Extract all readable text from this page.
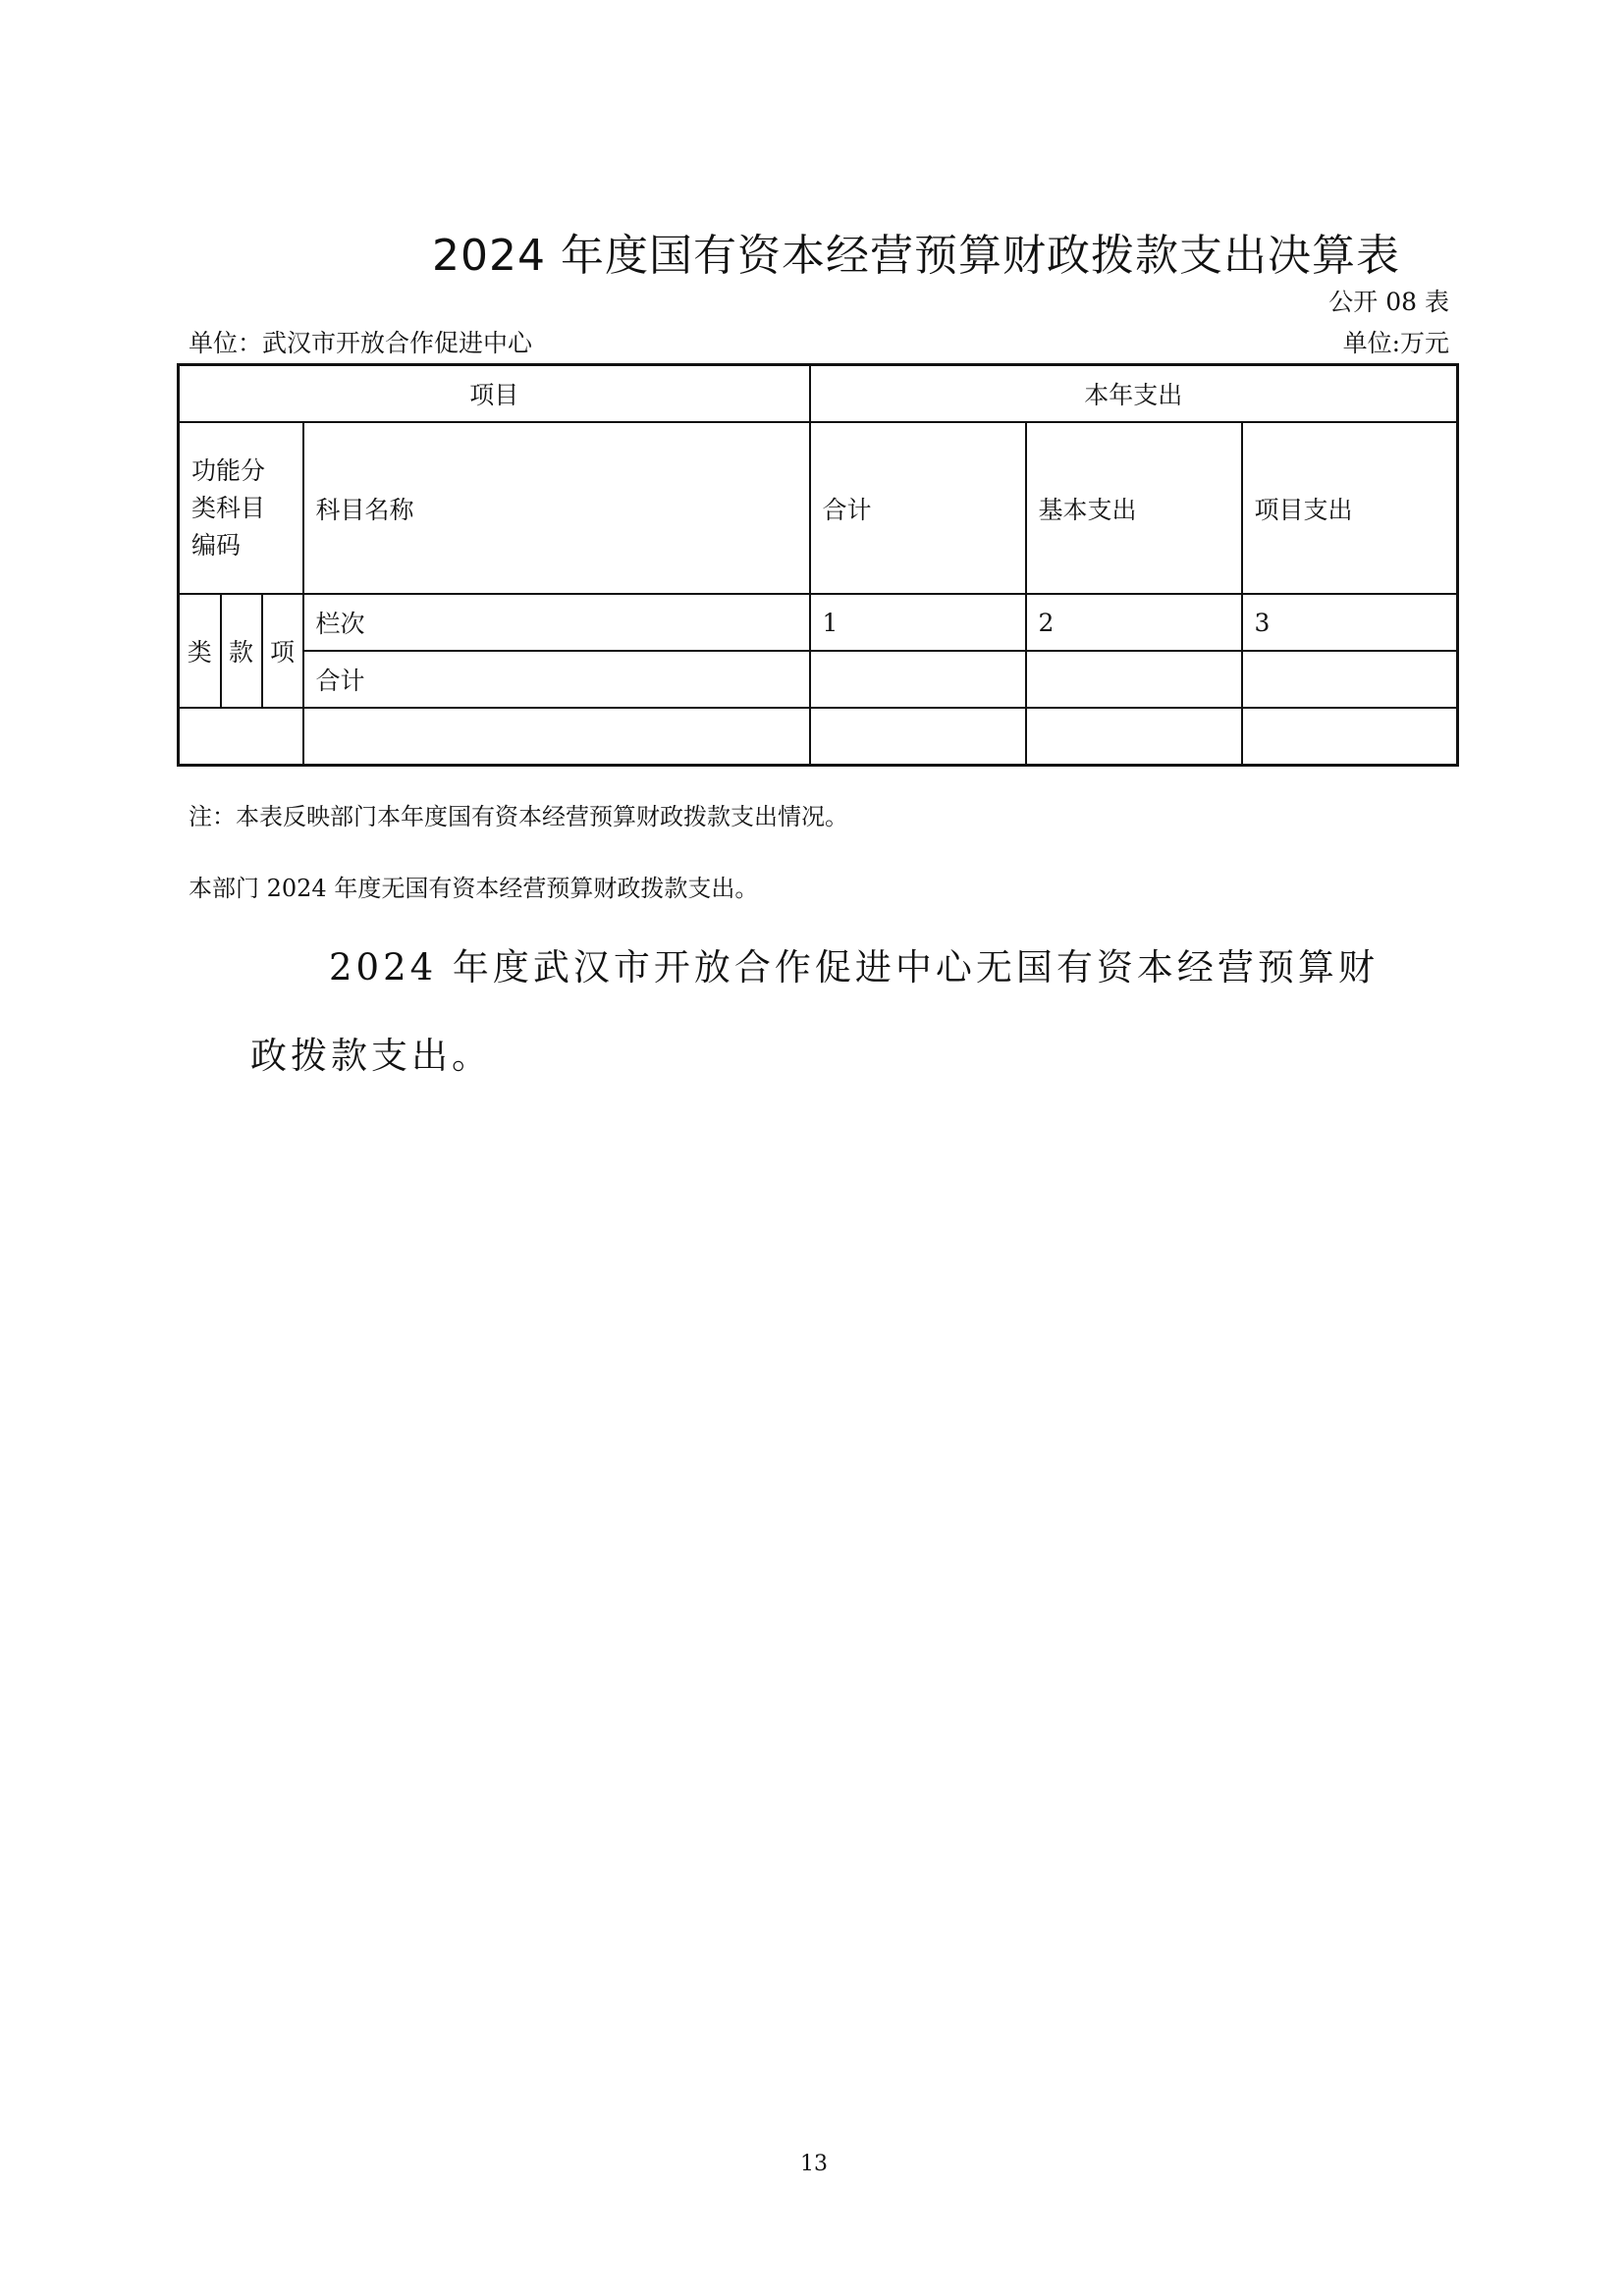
2024 年度国有资本经营预算财政拨款支出决算表
公开 08 表
单位：武汉市开放合作促进中心	单位:万元
项目				本年支出		

功能分
类科目
编码			科目名称	合计	基本支出	项目支出
类	款	项	栏次	1	2	3
			合计			

注：本表反映部门本年度国有资本经营预算财政拨款支出情况。
本部门 2024 年度无国有资本经营预算财政拨款支出。
2024 年度武汉市开放合作促进中心无国有资本经营预算财
政拨款支出。
13
